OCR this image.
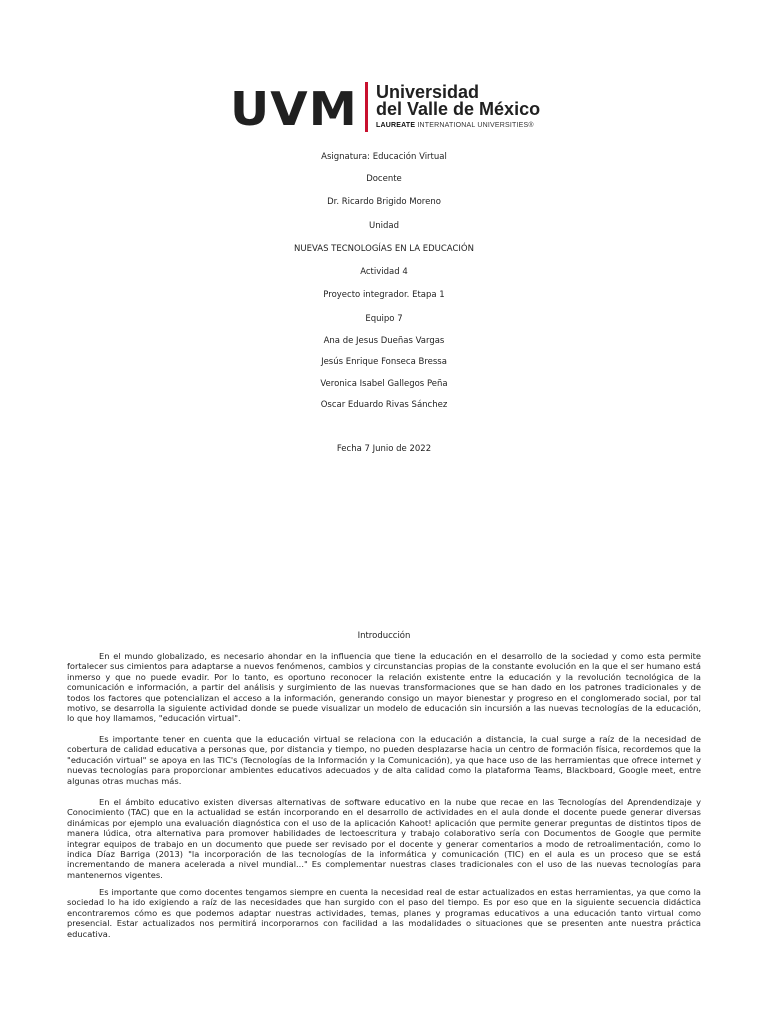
UVM Universidad
del Valle de México
LAUREATE INTERNATIONAL UNIVERSITIES®
Asignatura: Educación Virtual
Docente
Dr. Ricardo Brigido Moreno
Unidad
NUEVAS TECNOLOGÍAS EN LA EDUCACIÓN
Actividad 4
Proyecto integrador. Etapa 1
Equipo 7
Ana de Jesus Dueñas Vargas
Jesús Enrique Fonseca Bressa
Veronica Isabel Gallegos Peña
Oscar Eduardo Rivas Sánchez
Fecha 7 Junio de 2022
Introducción

En el mundo globalizado, es necesario ahondar en la influencia que tiene la educación en el desarrollo de la sociedad y como esta permite fortalecer sus cimientos para adaptarse a nuevos fenómenos, cambios y circunstancias propias de la constante evolución en la que el ser humano está inmerso y que no puede evadir. Por lo tanto, es oportuno reconocer la relación existente entre la educación y la revolución tecnológica de la comunicación e información, a partir del análisis y surgimiento de las nuevas transformaciones que se han dado en los patrones tradicionales y de todos los factores que potencializan el acceso a la información, generando consigo un mayor bienestar y progreso en el conglomerado social, por tal motivo, se desarrolla la siguiente actividad donde se puede visualizar un modelo de educación sin incursión a las nuevas tecnologías de la educación, lo que hoy llamamos, "educación virtual".

Es importante tener en cuenta que la educación virtual se relaciona con la educación a distancia, la cual surge a raíz de la necesidad de cobertura de calidad educativa a personas que, por distancia y tiempo, no pueden desplazarse hacia un centro de formación física, recordemos que la "educación virtual" se apoya en las TIC's (Tecnologías de la Información y la Comunicación), ya que hace uso de las herramientas que ofrece internet y nuevas tecnologías para proporcionar ambientes educativos adecuados y de alta calidad como la plataforma Teams, Blackboard, Google meet, entre algunas otras muchas más.

En el ámbito educativo existen diversas alternativas de software educativo en la nube que recae en las Tecnologías del Aprendendizaje y Conocimiento (TAC) que en la actualidad se están incorporando en el desarrollo de actividades en el aula donde el docente puede generar diversas dinámicas por ejemplo una evaluación diagnóstica con el uso de la aplicación Kahoot! aplicación que permite generar preguntas de distintos tipos de manera lúdica, otra alternativa para promover habilidades de lectoescritura y trabajo colaborativo sería con Documentos de Google que permite integrar equipos de trabajo en un documento que puede ser revisado por el docente y generar comentarios a modo de retroalimentación, como lo indica Díaz Barriga (2013) "la incorporación de las tecnologías de la informática y comunicación (TIC) en el aula es un proceso que se está incrementando de manera acelerada a nivel mundial..." Es complementar nuestras clases tradicionales con el uso de las nuevas tecnologías para mantenernos vigentes.

Es importante que como docentes tengamos siempre en cuenta la necesidad real de estar actualizados en estas herramientas, ya que como la sociedad lo ha ido exigiendo a raíz de las necesidades que han surgido con el paso del tiempo. Es por eso que en la siguiente secuencia didáctica encontraremos cómo es que podemos adaptar nuestras actividades, temas, planes y programas educativos a una educación tanto virtual como presencial. Estar actualizados nos permitirá incorporarnos con facilidad a las modalidades o situaciones que se presenten ante nuestra práctica educativa.
